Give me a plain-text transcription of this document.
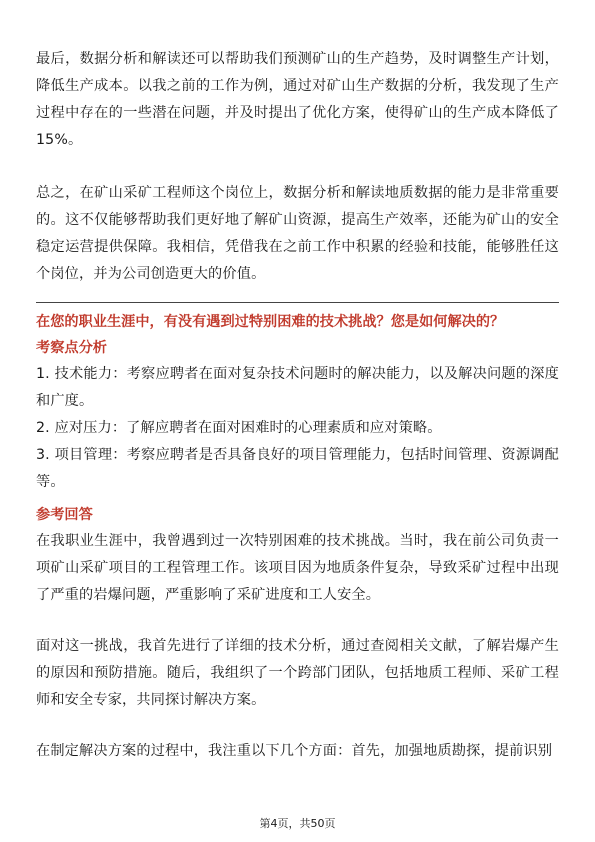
最后，数据分析和解读还可以帮助我们预测矿山的生产趋势，及时调整生产计划，降低生产成本。以我之前的工作为例，通过对矿山生产数据的分析，我发现了生产过程中存在的一些潜在问题，并及时提出了优化方案，使得矿山的生产成本降低了15%。

总之，在矿山采矿工程师这个岗位上，数据分析和解读地质数据的能力是非常重要的。这不仅能够帮助我们更好地了解矿山资源，提高生产效率，还能为矿山的安全稳定运营提供保障。我相信，凭借我在之前工作中积累的经验和技能，能够胜任这个岗位，并为公司创造更大的价值。

在您的职业生涯中，有没有遇到过特别困难的技术挑战？您是如何解决的？

考察点分析

1. 技术能力：考察应聘者在面对复杂技术问题时的解决能力，以及解决问题的深度和广度。

2. 应对压力：了解应聘者在面对困难时的心理素质和应对策略。

3. 项目管理：考察应聘者是否具备良好的项目管理能力，包括时间管理、资源调配等。

参考回答

在我职业生涯中，我曾遇到过一次特别困难的技术挑战。当时，我在前公司负责一项矿山采矿项目的工程管理工作。该项目因为地质条件复杂，导致采矿过程中出现了严重的岩爆问题，严重影响了采矿进度和工人安全。

面对这一挑战，我首先进行了详细的技术分析，通过查阅相关文献，了解岩爆产生的原因和预防措施。随后，我组织了一个跨部门团队，包括地质工程师、采矿工程师和安全专家，共同探讨解决方案。

在制定解决方案的过程中，我注重以下几个方面：首先，加强地质勘探，提前识别

第4页，共50页
